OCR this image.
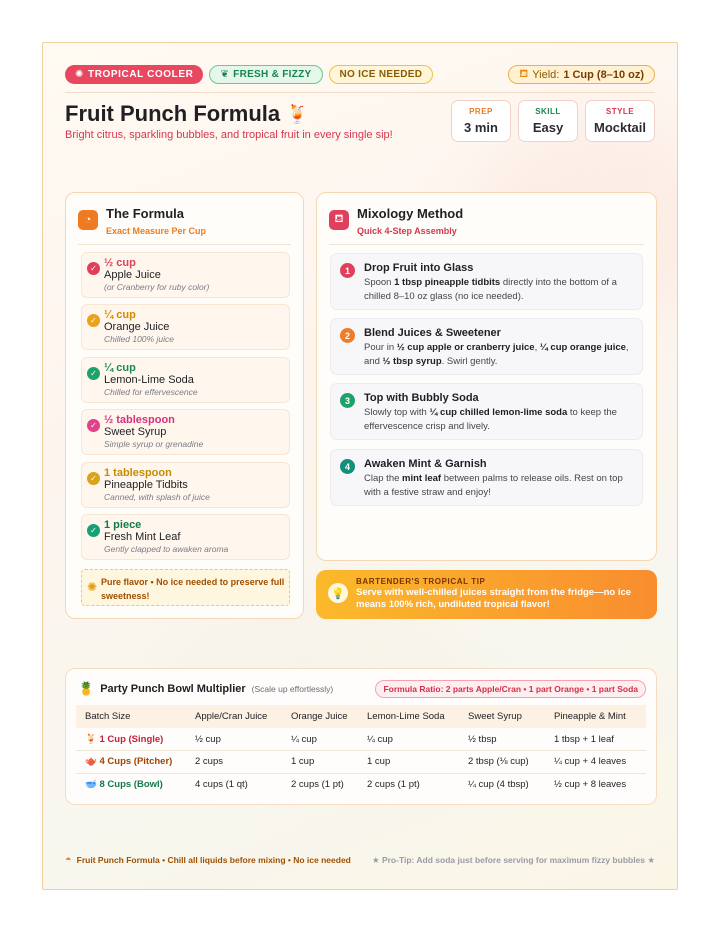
✺ TROPICAL COOLER	❦ FRESH & FIZZY	NO ICE NEEDED	⛾ Yield: 1 Cup (8–10 oz)
Fruit Punch Formula 🍹
Bright citrus, sparkling bubbles, and tropical fruit in every single sip!
PREP
3 min
SKILL
Easy
STYLE
Mocktail
◔	The Formula
Exact Measure Per Cup
✓ ½ cup
Apple Juice
(or Cranberry for ruby color)
✓ ¼ cup
Orange Juice
Chilled 100% juice
✓ ¼ cup
Lemon-Lime Soda
Chilled for effervescence
✓ ½ tablespoon
Sweet Syrup
Simple syrup or grenadine
✓ 1 tablespoon
Pineapple Tidbits
Canned, with splash of juice
✓ 1 piece
Fresh Mint Leaf
Gently clapped to awaken aroma
✺ Pure flavor • No ice needed to preserve full sweetness!
⛾	Mixology Method
Quick 4-Step Assembly
1	Drop Fruit into Glass
Spoon 1 tbsp pineapple tidbits directly into the bottom of a chilled 8–10 oz glass (no ice needed).
2	Blend Juices & Sweetener
Pour in ½ cup apple or cranberry juice, ¼ cup orange juice, and ½ tbsp syrup. Swirl gently.
3	Top with Bubbly Soda
Slowly top with ¼ cup chilled lemon-lime soda to keep the effervescence crisp and lively.
4	Awaken Mint & Garnish
Clap the mint leaf between palms to release oils. Rest on top with a festive straw and enjoy!
💡
BARTENDER'S TROPICAL TIP
Serve with well-chilled juices straight from the fridge—no ice means 100% rich, undiluted tropical flavor!
🍍 Party Punch Bowl Multiplier (Scale up effortlessly)	Formula Ratio: 2 parts Apple/Cran • 1 part Orange • 1 part Soda
Batch Size	Apple/Cran Juice	Orange Juice	Lemon-Lime Soda	Sweet Syrup	Pineapple & Mint
🍹 1 Cup (Single)	½ cup	¼ cup	¼ cup	½ tbsp	1 tbsp + 1 leaf
🫖 4 Cups (Pitcher)	2 cups	1 cup	1 cup	2 tbsp (⅛ cup)	¼ cup + 4 leaves
🥣 8 Cups (Bowl)	4 cups (1 qt)	2 cups (1 pt)	2 cups (1 pt)	¼ cup (4 tbsp)	½ cup + 8 leaves
◓ Fruit Punch Formula • Chill all liquids before mixing • No ice needed ★ Pro-Tip: Add soda just before serving for maximum fizzy bubbles ★
